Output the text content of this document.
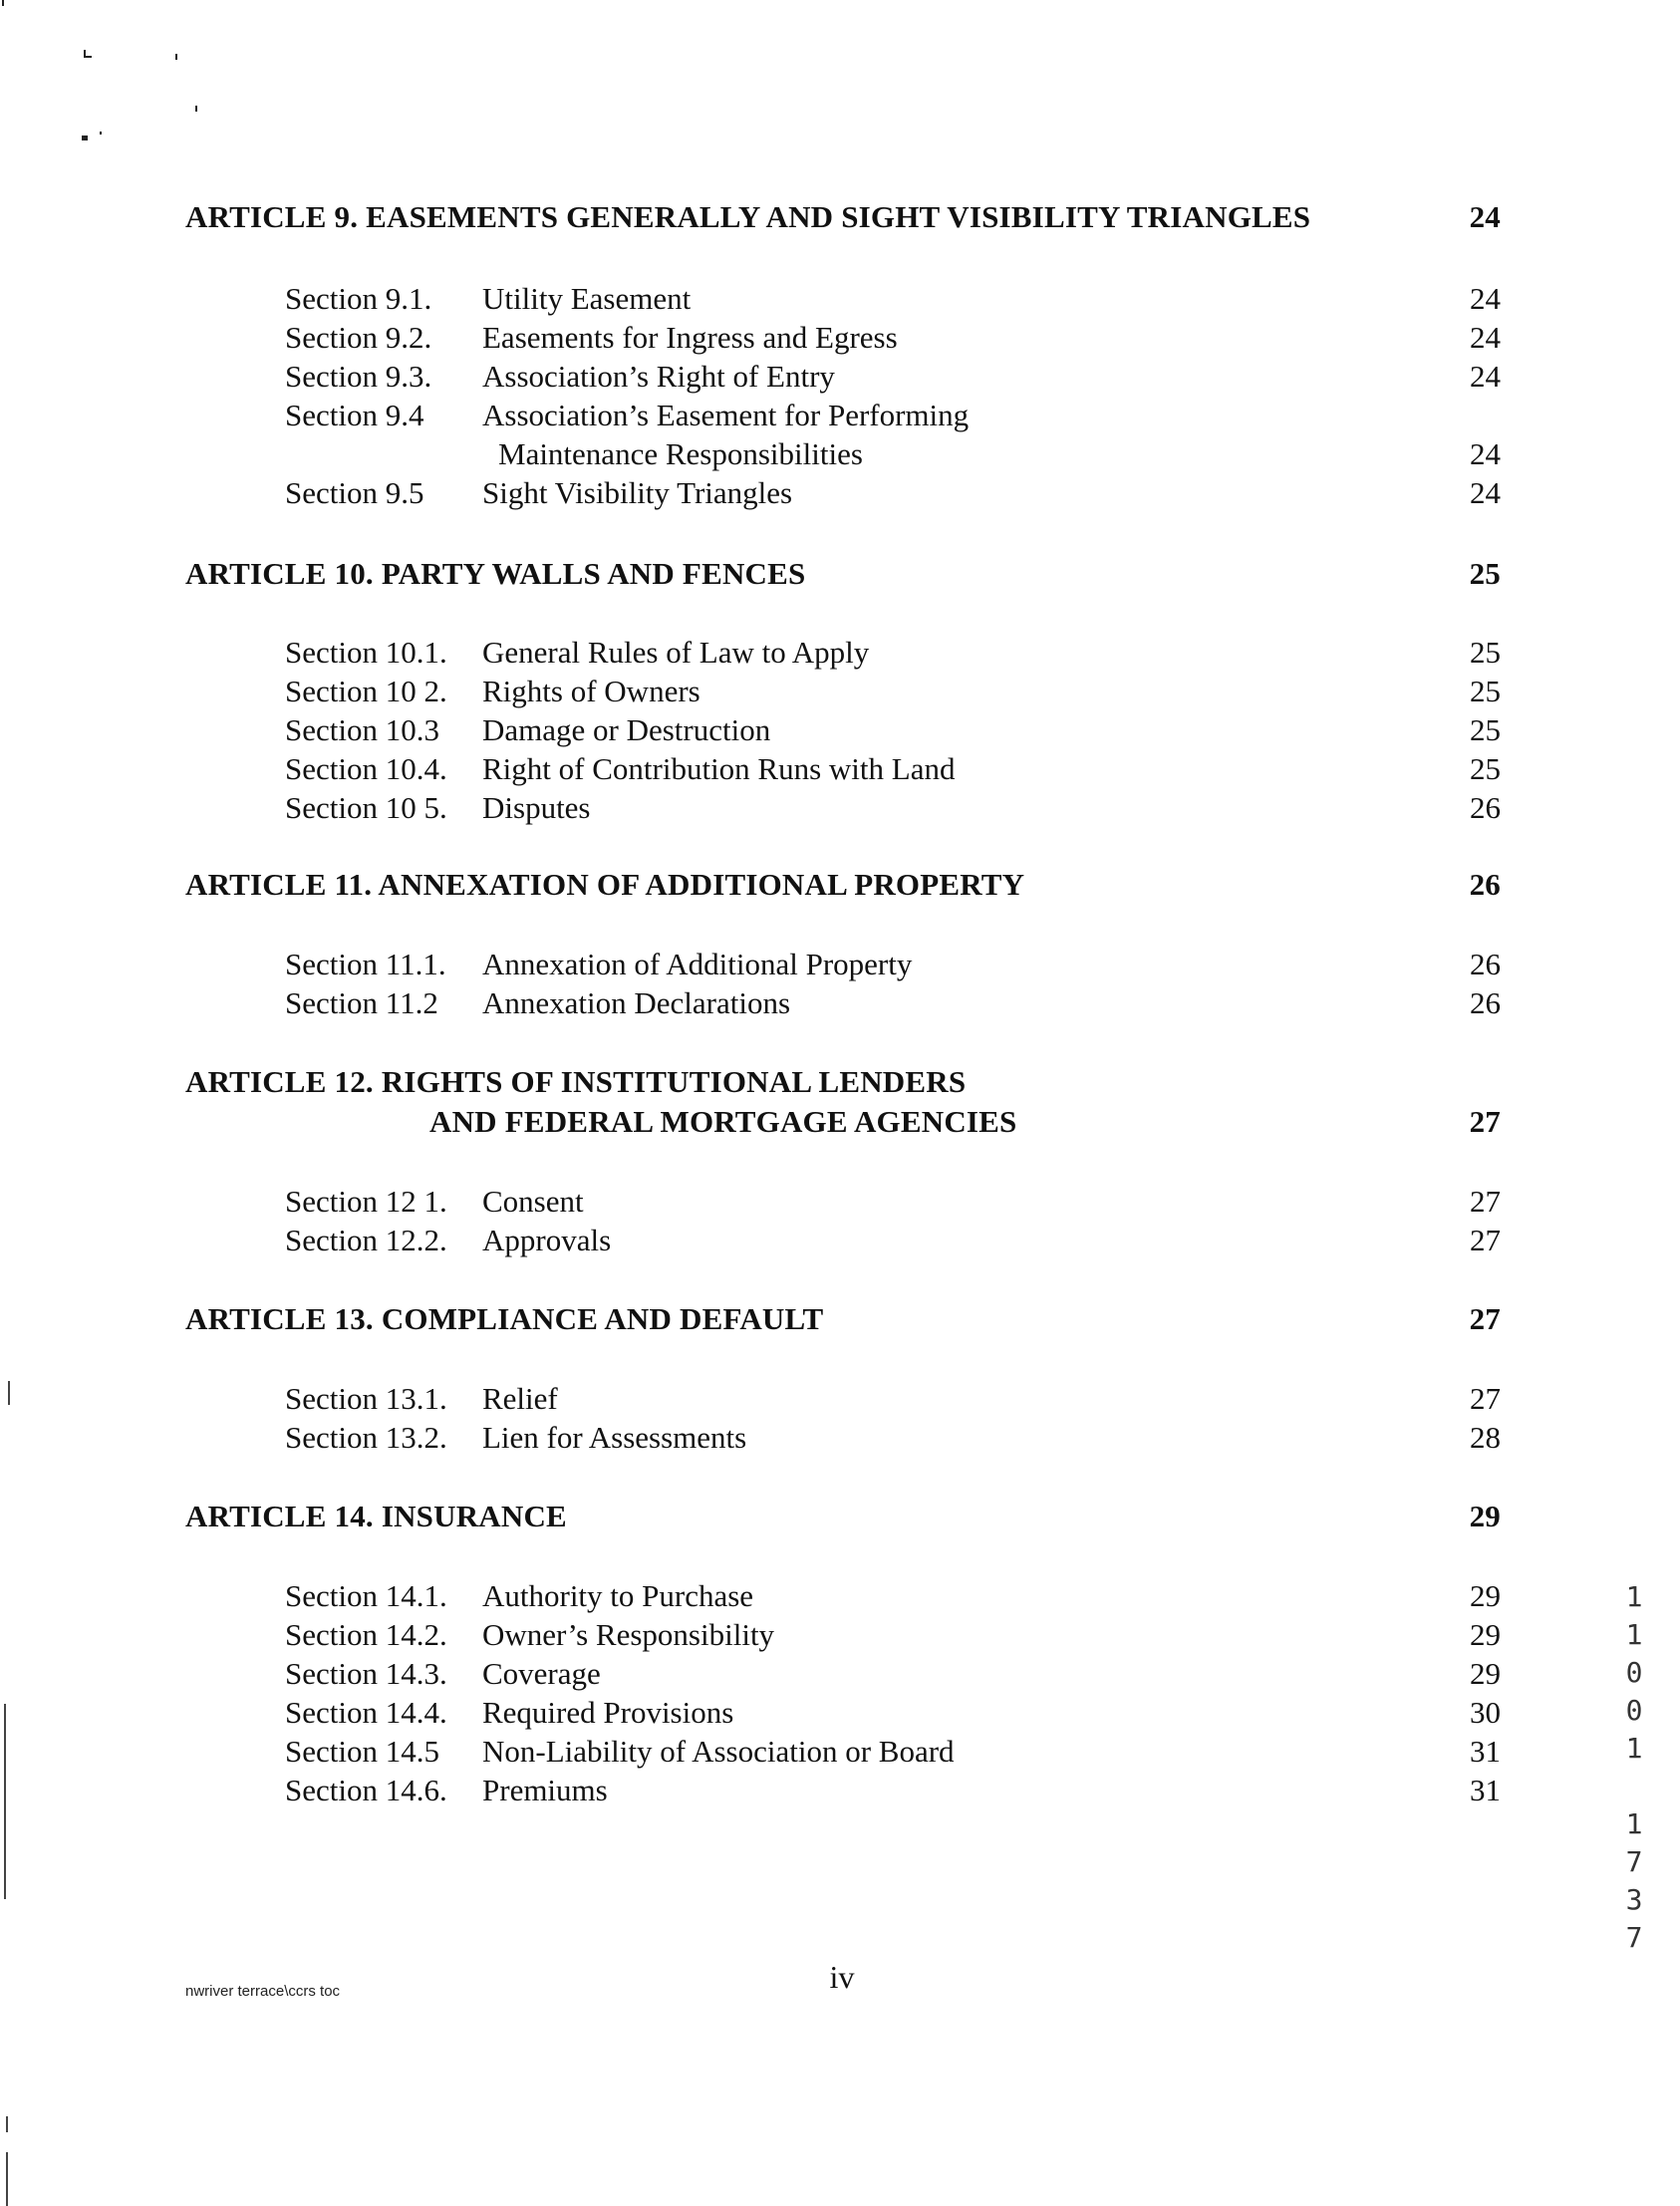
ARTICLE 9. EASEMENTS GENERALLY AND SIGHT VISIBILITY TRIANGLES	24
Section 9.1. Utility Easement	24
Section 9.2. Easements for Ingress and Egress	24
Section 9.3. Association’s Right of Entry	24
Section 9.4 Association’s Easement for Performing
Maintenance Responsibilities	24
Section 9.5 Sight Visibility Triangles	24
ARTICLE 10. PARTY WALLS AND FENCES	25
Section 10.1. General Rules of Law to Apply	25
Section 10 2. Rights of Owners	25
Section 10.3 Damage or Destruction	25
Section 10.4. Right of Contribution Runs with Land	25
Section 10 5. Disputes	26
ARTICLE 11. ANNEXATION OF ADDITIONAL PROPERTY	26
Section 11.1. Annexation of Additional Property	26
Section 11.2 Annexation Declarations	26
ARTICLE 12. RIGHTS OF INSTITUTIONAL LENDERS
AND FEDERAL MORTGAGE AGENCIES	27
Section 12 1. Consent	27
Section 12.2. Approvals	27
ARTICLE 13. COMPLIANCE AND DEFAULT	27
Section 13.1. Relief	27
Section 13.2. Lien for Assessments	28
ARTICLE 14. INSURANCE	29
Section 14.1. Authority to Purchase	29
Section 14.2. Owner’s Responsibility	29
Section 14.3. Coverage	29
Section 14.4. Required Provisions	30
Section 14.5 Non-Liability of Association or Board	31
Section 14.6. Premiums	31
1
1
0
0
1
1
7
3
7
nwriver terrace\ccrs toc	iv
